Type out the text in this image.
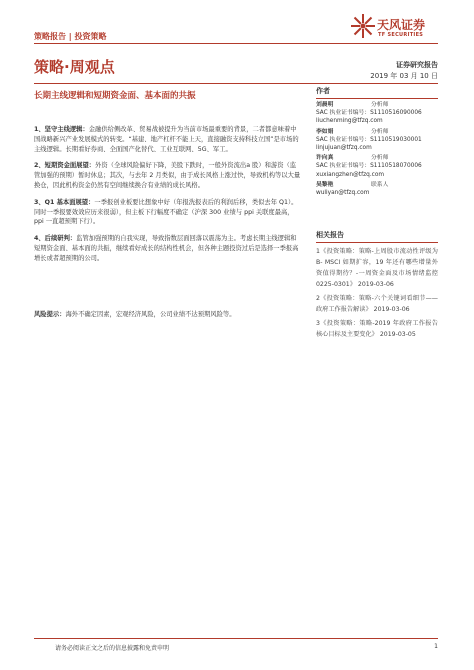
策略报告 | 投资策略
天风证券
TF SECURITIES
策略·周观点	证券研究报告
2019 年 03 月 10 日
长期主线逻辑和短期资金面、基本面的共振

1、坚守主线逻辑：金融供给侧改革、贸易战被提升为当前市场最重要的背景，二者都意味着中国战略新兴产业发展模式的转变。“基建、地产杠杆不能上天，直接融资支持科技立国”是市场的主线逻辑。长期看好券商、全面国产化替代、工业互联网、5G、军工。

2、短期资金面展望：外资（全球风险偏好下降，美股下跌时，一般外资流出a 股）和游资（监管加强的预期）暂时休息；其次，与去年 2 月类似，由于成长风格上涨过快，导致机构等以大量换仓，因此机构资金仍然有空间继续换合有业绩的成长风格。

3、Q1 基本面展望：一季报创业板要比想象中好（年报洗报表后的利润后移，类似去年 Q1）。同时一季报要效效应历来很弱），但主板下行幅度不确定（沪深 300 业绩与 ppi 关联度最高，ppi 一直超预期下行）。

4、后续研判：监管加强预期的自我实现，导致指数层面回落以震荡为主。考虑长期主线逻辑和短期资金面、基本面的共振，继续看好成长的结构性机会，但各种主题投资过后是选择一季报高增长或者超预期的公司。

风险提示：海外不确定因素，宏观经济风险，公司业绩不达预期风险等。

作者
刘晨明	分析师
SAC 执业证书编号：S1110516090006
liuchenming@tfzq.com
李如娟	分析师
SAC 执业证书编号：S1110519030001
linjujuan@tfzq.com
许向真	分析师
SAC 执业证书编号：S1110518070006
xuxiangzhen@tfzq.com
吴黎艳	联系人
wuliyan@tfzq.com
相关报告
1《投资策略：策略-上周股市流动性评级为 B- MSCI 如期扩容，19 年还有哪些增量外资值得期待？-一周资金面及市场情绪监控 0225-0301》 2019-03-06
2《投资策略：策略-六个关键词看细节——政府工作报告解读》 2019-03-06
3《投资策略：策略-2019 年政府工作报告核心目标及主要变化》 2019-03-05
请务必阅读正文之后的信息披露和免责申明	1
